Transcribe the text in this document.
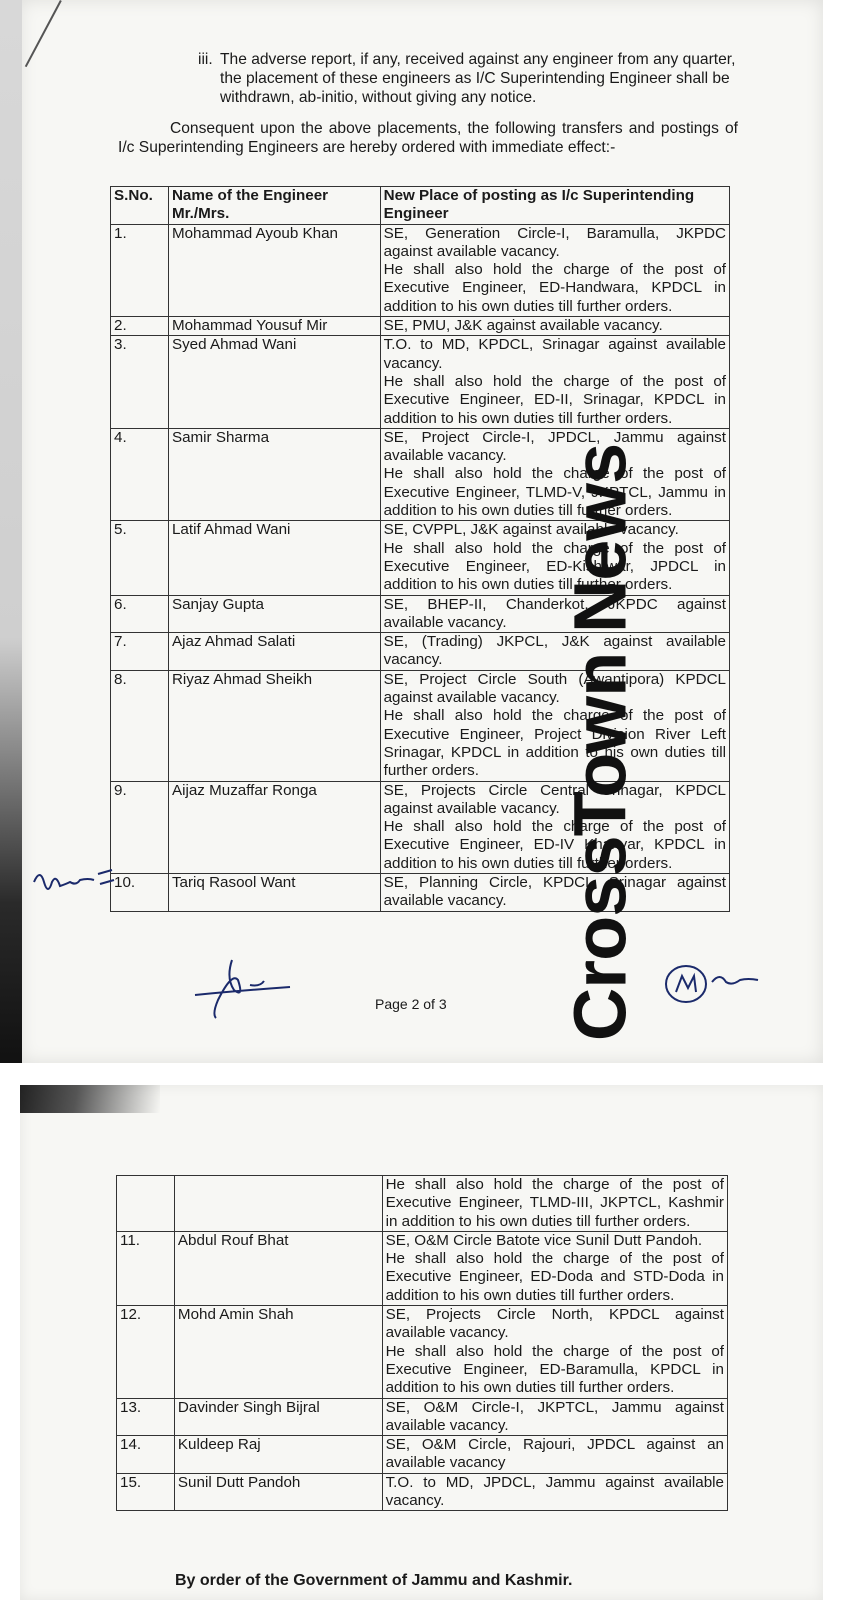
iii. The adverse report, if any, received against any engineer from any quarter, the placement of these engineers as I/C Superintending Engineer shall be withdrawn, ab-initio, without giving any notice.
Consequent upon the above placements, the following transfers and postings of I/c Superintending Engineers are hereby ordered with immediate effect:-
S.No.	Name of the Engineer Mr./Mrs.	New Place of posting as I/c Superintending Engineer
1.	Mohammad Ayoub Khan	SE, Generation Circle-I, Baramulla, JKPDC against available vacancy.
He shall also hold the charge of the post of Executive Engineer, ED-Handwara, KPDCL in addition to his own duties till further orders.

2.	Mohammad Yousuf Mir	SE, PMU, J&K against available vacancy.

3.	Syed Ahmad Wani	T.O. to MD, KPDCL, Srinagar against available vacancy.
He shall also hold the charge of the post of Executive Engineer, ED-II, Srinagar, KPDCL in addition to his own duties till further orders.

4.	Samir Sharma	SE, Project Circle-I, JPDCL, Jammu against available vacancy.
He shall also hold the charge of the post of Executive Engineer, TLMD-V, JKPTCL, Jammu in addition to his own duties till further orders.

5.	Latif Ahmad Wani	SE, CVPPL, J&K against available vacancy.
He shall also hold the charge of the post of Executive Engineer, ED-Kishtwar, JPDCL in addition to his own duties till further orders.

6.	Sanjay Gupta	SE, BHEP-II, Chanderkot, JKPDC against available vacancy.

7.	Ajaz Ahmad Salati	SE, (Trading) JKPCL, J&K against available vacancy.

8.	Riyaz Ahmad Sheikh	SE, Project Circle South (Awantipora) KPDCL against available vacancy.
He shall also hold the charge of the post of Executive Engineer, Project Division River Left Srinagar, KPDCL in addition to his own duties till further orders.

9.	Aijaz Muzaffar Ronga	SE, Projects Circle Central Srinagar, KPDCL against available vacancy.
He shall also hold the charge of the post of Executive Engineer, ED-IV Khanyar, KPDCL in addition to his own duties till further orders.

10.	Tariq Rasool Want	SE, Planning Circle, KPDCL, Srinagar against available vacancy.
Page 2 of 3

		He shall also hold the charge of the post of Executive Engineer, TLMD-III, JKPTCL, Kashmir in addition to his own duties till further orders.

11.	Abdul Rouf Bhat	SE, O&M Circle Batote vice Sunil Dutt Pandoh.
He shall also hold the charge of the post of Executive Engineer, ED-Doda and STD-Doda in addition to his own duties till further orders.

12.	Mohd Amin Shah	SE, Projects Circle North, KPDCL against available vacancy.
He shall also hold the charge of the post of Executive Engineer, ED-Baramulla, KPDCL in addition to his own duties till further orders.

13.	Davinder Singh Bijral	SE, O&M Circle-I, JKPTCL, Jammu against available vacancy.

14.	Kuldeep Raj	SE, O&M Circle, Rajouri, JPDCL against an available vacancy

15.	Sunil Dutt Pandoh	T.O. to MD, JPDCL, Jammu against available vacancy.
By order of the Government of Jammu and Kashmir.
CrossTown News
